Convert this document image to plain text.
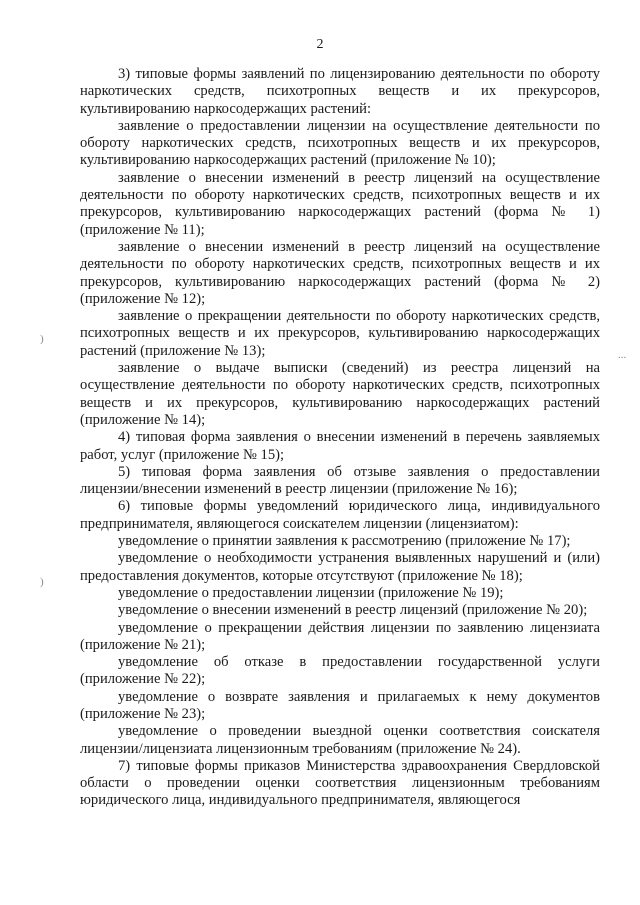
2
)
...
)

3) типовые формы заявлений по лицензированию деятельности по обороту наркотических средств, психотропных веществ и их прекурсоров, культивированию наркосодержащих растений:

заявление о предоставлении лицензии на осуществление деятельности по обороту наркотических средств, психотропных веществ и их прекурсоров, культивированию наркосодержащих растений (приложение № 10);

заявление о внесении изменений в реестр лицензий на осуществление деятельности по обороту наркотических средств, психотропных веществ и их прекурсоров, культивированию наркосодержащих растений (форма № 1) (приложение № 11);

заявление о внесении изменений в реестр лицензий на осуществление деятельности по обороту наркотических средств, психотропных веществ и их прекурсоров, культивированию наркосодержащих растений (форма № 2) (приложение № 12);

заявление о прекращении деятельности по обороту наркотических средств, психотропных веществ и их прекурсоров, культивированию наркосодержащих растений (приложение № 13);

заявление о выдаче выписки (сведений) из реестра лицензий на осуществление деятельности по обороту наркотических средств, психотропных веществ и их прекурсоров, культивированию наркосодержащих растений (приложение № 14);

4) типовая форма заявления о внесении изменений в перечень заявляемых работ, услуг (приложение № 15);

5) типовая форма заявления об отзыве заявления о предоставлении лицензии/внесении изменений в реестр лицензии (приложение № 16);

6) типовые формы уведомлений юридического лица, индивидуального предпринимателя, являющегося соискателем лицензии (лицензиатом):

уведомление о принятии заявления к рассмотрению (приложение № 17);

уведомление о необходимости устранения выявленных нарушений и (или) предоставления документов, которые отсутствуют (приложение № 18);

уведомление о предоставлении лицензии (приложение № 19);

уведомление о внесении изменений в реестр лицензий (приложение № 20);

уведомление о прекращении действия лицензии по заявлению лицензиата (приложение № 21);

уведомление об отказе в предоставлении государственной услуги (приложение № 22);

уведомление о возврате заявления и прилагаемых к нему документов (приложение № 23);

уведомление о проведении выездной оценки соответствия соискателя лицензии/лицензиата лицензионным требованиям (приложение № 24).

7) типовые формы приказов Министерства здравоохранения Свердловской области о проведении оценки соответствия лицензионным требованиям юридического лица, индивидуального предпринимателя, являющегося
